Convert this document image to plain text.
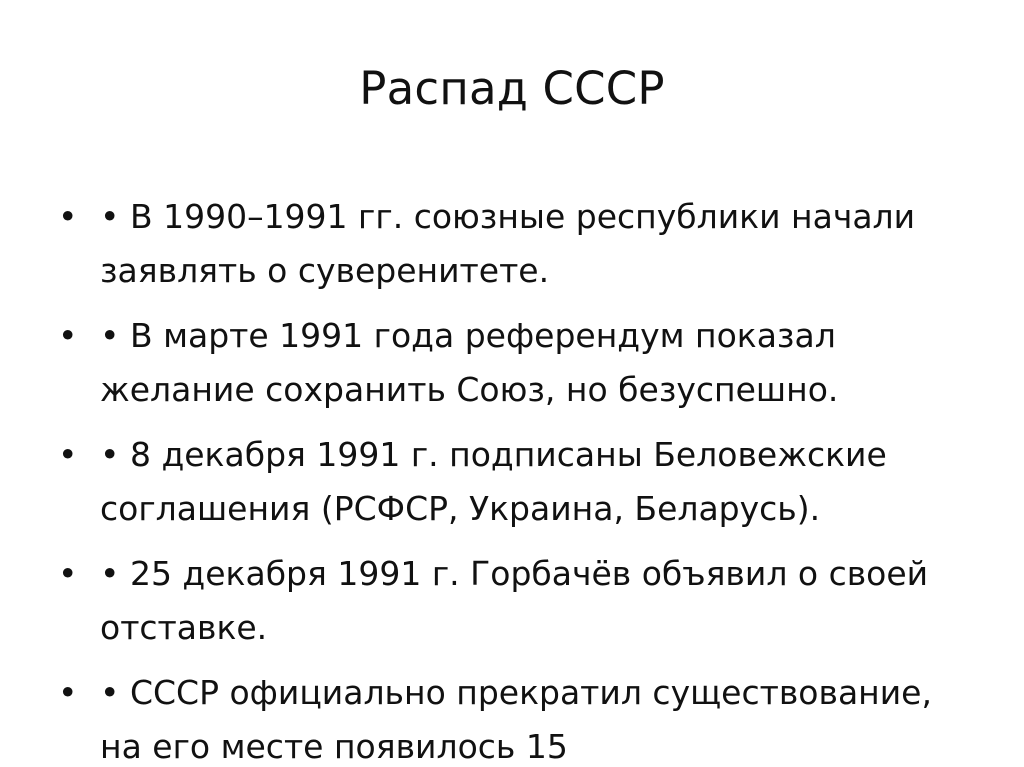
Распад СССР
• • В 1990–1991 гг. союзные республики начали заявлять о суверенитете.
• • В марте 1991 года референдум показал желание сохранить Союз, но безуспешно.
• • 8 декабря 1991 г. подписаны Беловежские соглашения (РСФСР, Украина, Беларусь).
• • 25 декабря 1991 г. Горбачёв объявил о своей отставке.
• • СССР официально прекратил существование, на его месте появилось 15
